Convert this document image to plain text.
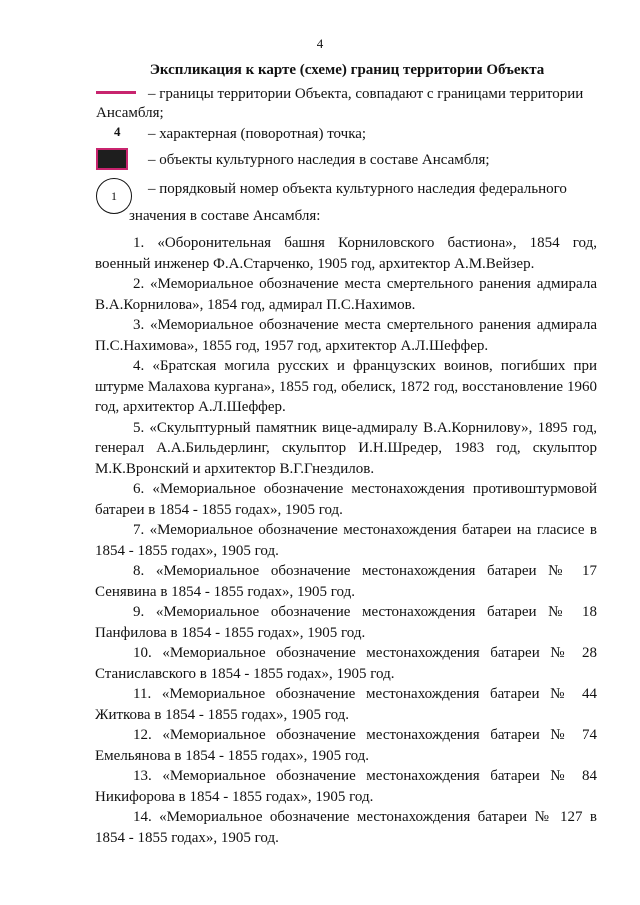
4
Экспликация к карте (схеме) границ территории Объекта
– границы территории Объекта, совпадают с границами территории
Ансамбля;
4 – характерная (поворотная) точка;
– объекты культурного наследия в составе Ансамбля;
1 – порядковый номер объекта культурного наследия федерального
значения в составе Ансамбля:

1. «Оборонительная башня Корниловского бастиона», 1854 год, военный инженер Ф.А.Старченко, 1905 год, архитектор А.М.Вейзер.

2. «Мемориальное обозначение места смертельного ранения адмирала В.А.Корнилова», 1854 год, адмирал П.С.Нахимов.

3. «Мемориальное обозначение места смертельного ранения адмирала П.С.Нахимова», 1855 год, 1957 год, архитектор А.Л.Шеффер.

4. «Братская могила русских и французских воинов, погибших при штурме Малахова кургана», 1855 год, обелиск, 1872 год, восстановление 1960 год, архитектор А.Л.Шеффер.

5. «Скульптурный памятник вице-адмиралу В.А.Корнилову», 1895 год, генерал А.А.Бильдерлинг, скульптор И.Н.Шредер, 1983 год, скульптор М.К.Вронский и архитектор В.Г.Гнездилов.

6. «Мемориальное обозначение местонахождения противоштурмовой батареи в 1854 - 1855 годах», 1905 год.

7. «Мемориальное обозначение местонахождения батареи на гласисе в 1854 - 1855 годах», 1905 год.

8. «Мемориальное обозначение местонахождения батареи № 17 Сенявина в 1854 - 1855 годах», 1905 год.

9. «Мемориальное обозначение местонахождения батареи № 18 Панфилова в 1854 - 1855 годах», 1905 год.

10. «Мемориальное обозначение местонахождения батареи № 28 Станиславского в 1854 - 1855 годах», 1905 год.

11. «Мемориальное обозначение местонахождения батареи № 44 Житкова в 1854 - 1855 годах», 1905 год.

12. «Мемориальное обозначение местонахождения батареи № 74 Емельянова в 1854 - 1855 годах», 1905 год.

13. «Мемориальное обозначение местонахождения батареи № 84 Никифорова в 1854 - 1855 годах», 1905 год.

14. «Мемориальное обозначение местонахождения батареи № 127 в 1854 - 1855 годах», 1905 год.
